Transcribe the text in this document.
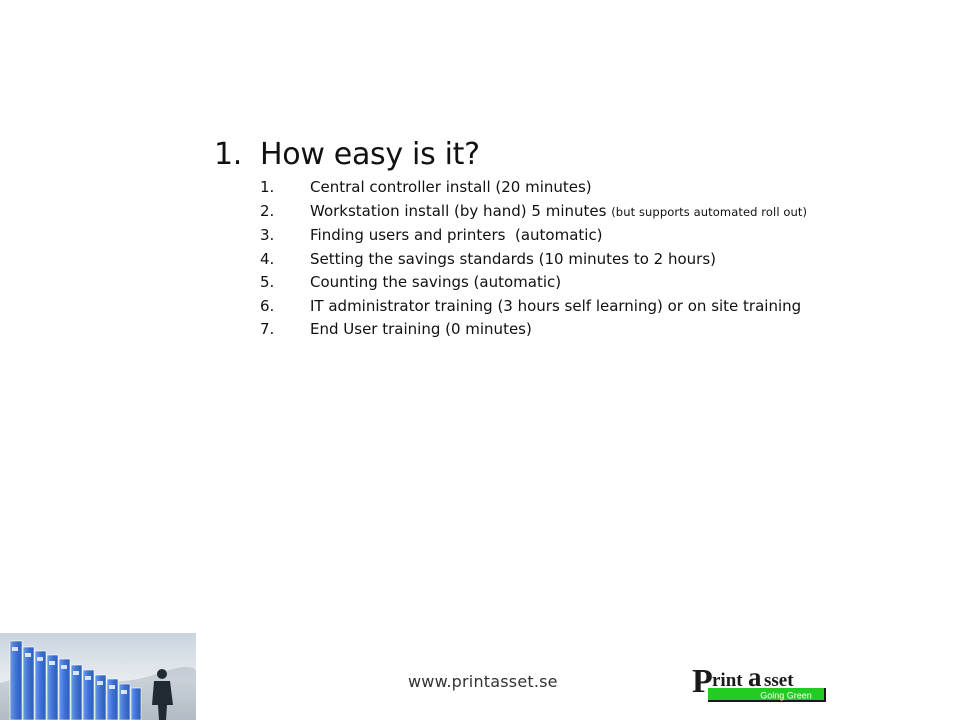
1. How easy is it?
1.	Central controller install (20 minutes)
2.	Workstation install (by hand) 5 minutes (but supports automated roll out)
3.	Finding users and printers  (automatic)
4.	Setting the savings standards (10 minutes to 2 hours)
5.	Counting the savings (automatic)
6.	IT administrator training (3 hours self learning) or on site training
7.	End User training (0 minutes)
www.printasset.se
Going Green
P rint a sset
